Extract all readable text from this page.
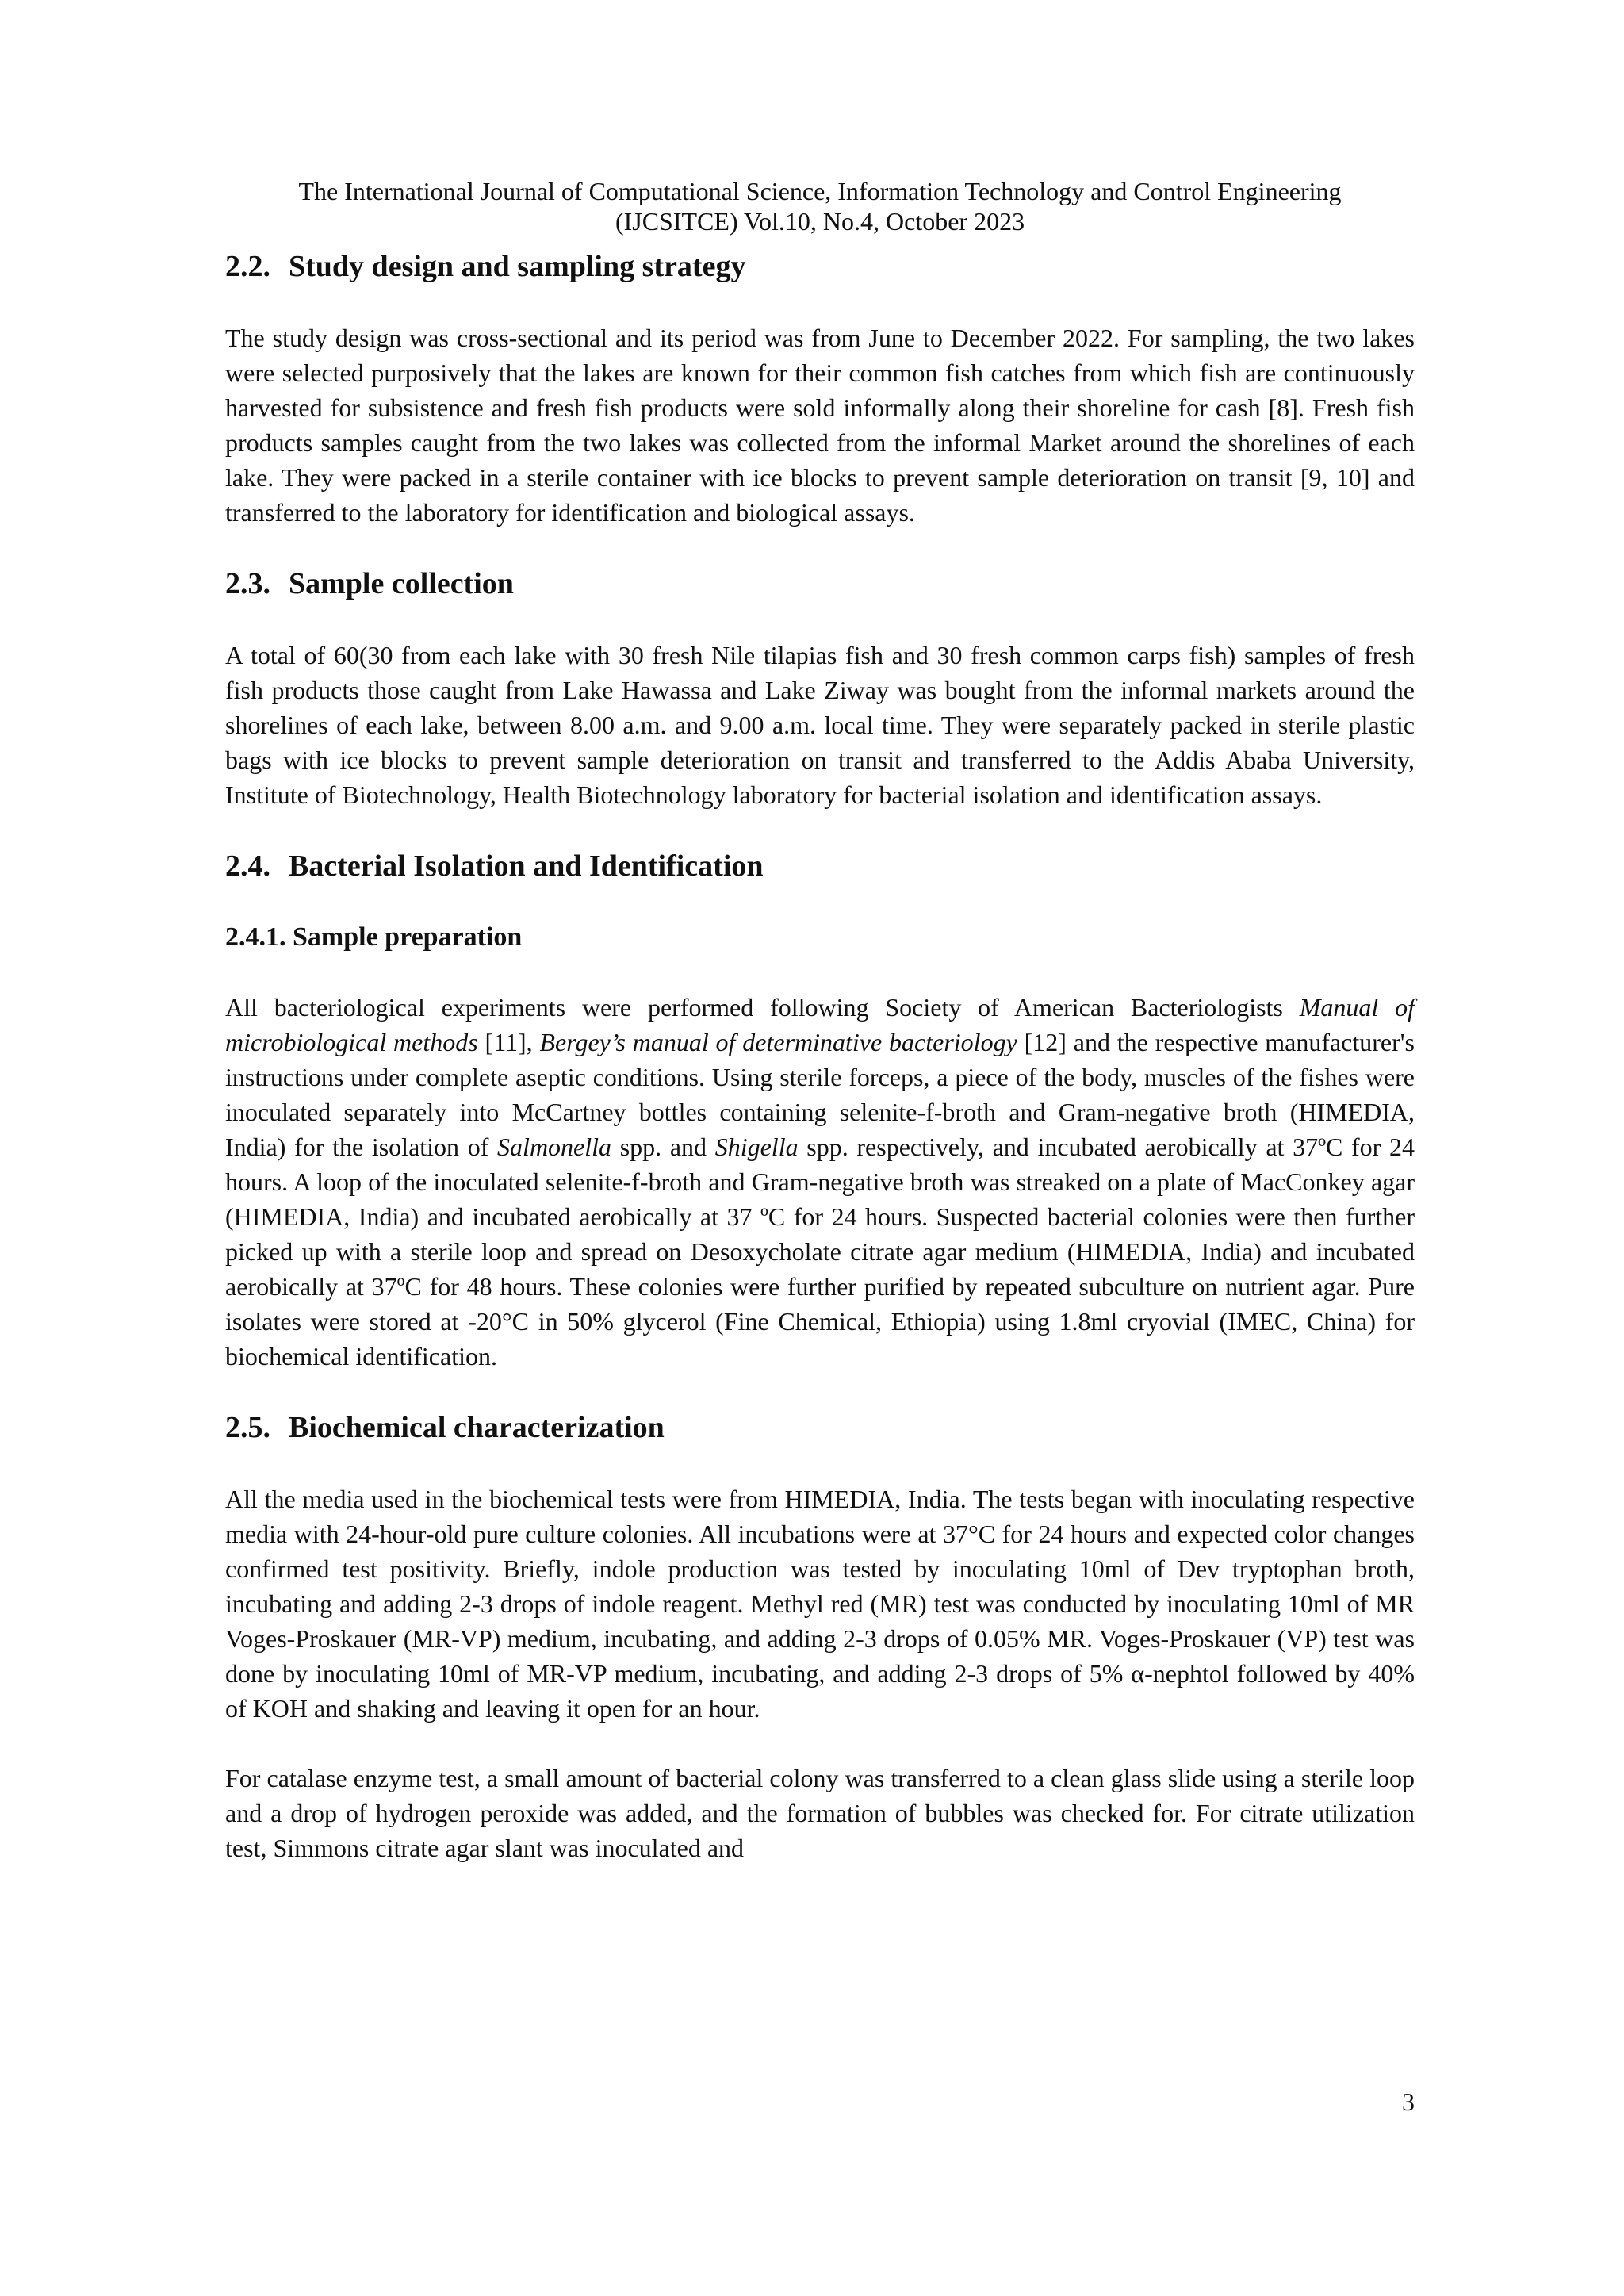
The International Journal of Computational Science, Information Technology and Control Engineering
(IJCSITCE) Vol.10, No.4, October 2023
2.2. Study design and sampling strategy

The study design was cross-sectional and its period was from June to December 2022. For sampling, the two lakes were selected purposively that the lakes are known for their common fish catches from which fish are continuously harvested for subsistence and fresh fish products were sold informally along their shoreline for cash [8]. Fresh fish products samples caught from the two lakes was collected from the informal Market around the shorelines of each lake. They were packed in a sterile container with ice blocks to prevent sample deterioration on transit [9, 10] and transferred to the laboratory for identification and biological assays.

2.3. Sample collection

A total of 60(30 from each lake with 30 fresh Nile tilapias fish and 30 fresh common carps fish) samples of fresh fish products those caught from Lake Hawassa and Lake Ziway was bought from the informal markets around the shorelines of each lake, between 8.00 a.m. and 9.00 a.m. local time. They were separately packed in sterile plastic bags with ice blocks to prevent sample deterioration on transit and transferred to the Addis Ababa University, Institute of Biotechnology, Health Biotechnology laboratory for bacterial isolation and identification assays.

2.4. Bacterial Isolation and Identification
2.4.1. Sample preparation

All bacteriological experiments were performed following Society of American Bacteriologists Manual of microbiological methods [11], Bergey’s manual of determinative bacteriology [12] and the respective manufacturer's instructions under complete aseptic conditions. Using sterile forceps, a piece of the body, muscles of the fishes were inoculated separately into McCartney bottles containing selenite-f-broth and Gram-negative broth (HIMEDIA, India) for the isolation of Salmonella spp. and Shigella spp. respectively, and incubated aerobically at 37ºC for 24 hours. A loop of the inoculated selenite-f-broth and Gram-negative broth was streaked on a plate of MacConkey agar (HIMEDIA, India) and incubated aerobically at 37 ºC for 24 hours. Suspected bacterial colonies were then further picked up with a sterile loop and spread on Desoxycholate citrate agar medium (HIMEDIA, India) and incubated aerobically at 37ºC for 48 hours. These colonies were further purified by repeated subculture on nutrient agar. Pure isolates were stored at -20°C in 50% glycerol (Fine Chemical, Ethiopia) using 1.8ml cryovial (IMEC, China) for biochemical identification.

2.5. Biochemical characterization

All the media used in the biochemical tests were from HIMEDIA, India. The tests began with inoculating respective media with 24-hour-old pure culture colonies. All incubations were at 37°C for 24 hours and expected color changes confirmed test positivity. Briefly, indole production was tested by inoculating 10ml of Dev tryptophan broth, incubating and adding 2-3 drops of indole reagent. Methyl red (MR) test was conducted by inoculating 10ml of MR Voges-Proskauer (MR-VP) medium, incubating, and adding 2-3 drops of 0.05% MR. Voges-Proskauer (VP) test was done by inoculating 10ml of MR-VP medium, incubating, and adding 2-3 drops of 5% α-nephtol followed by 40% of KOH and shaking and leaving it open for an hour.

For catalase enzyme test, a small amount of bacterial colony was transferred to a clean glass slide using a sterile loop and a drop of hydrogen peroxide was added, and the formation of bubbles was checked for. For citrate utilization test, Simmons citrate agar slant was inoculated and

3
